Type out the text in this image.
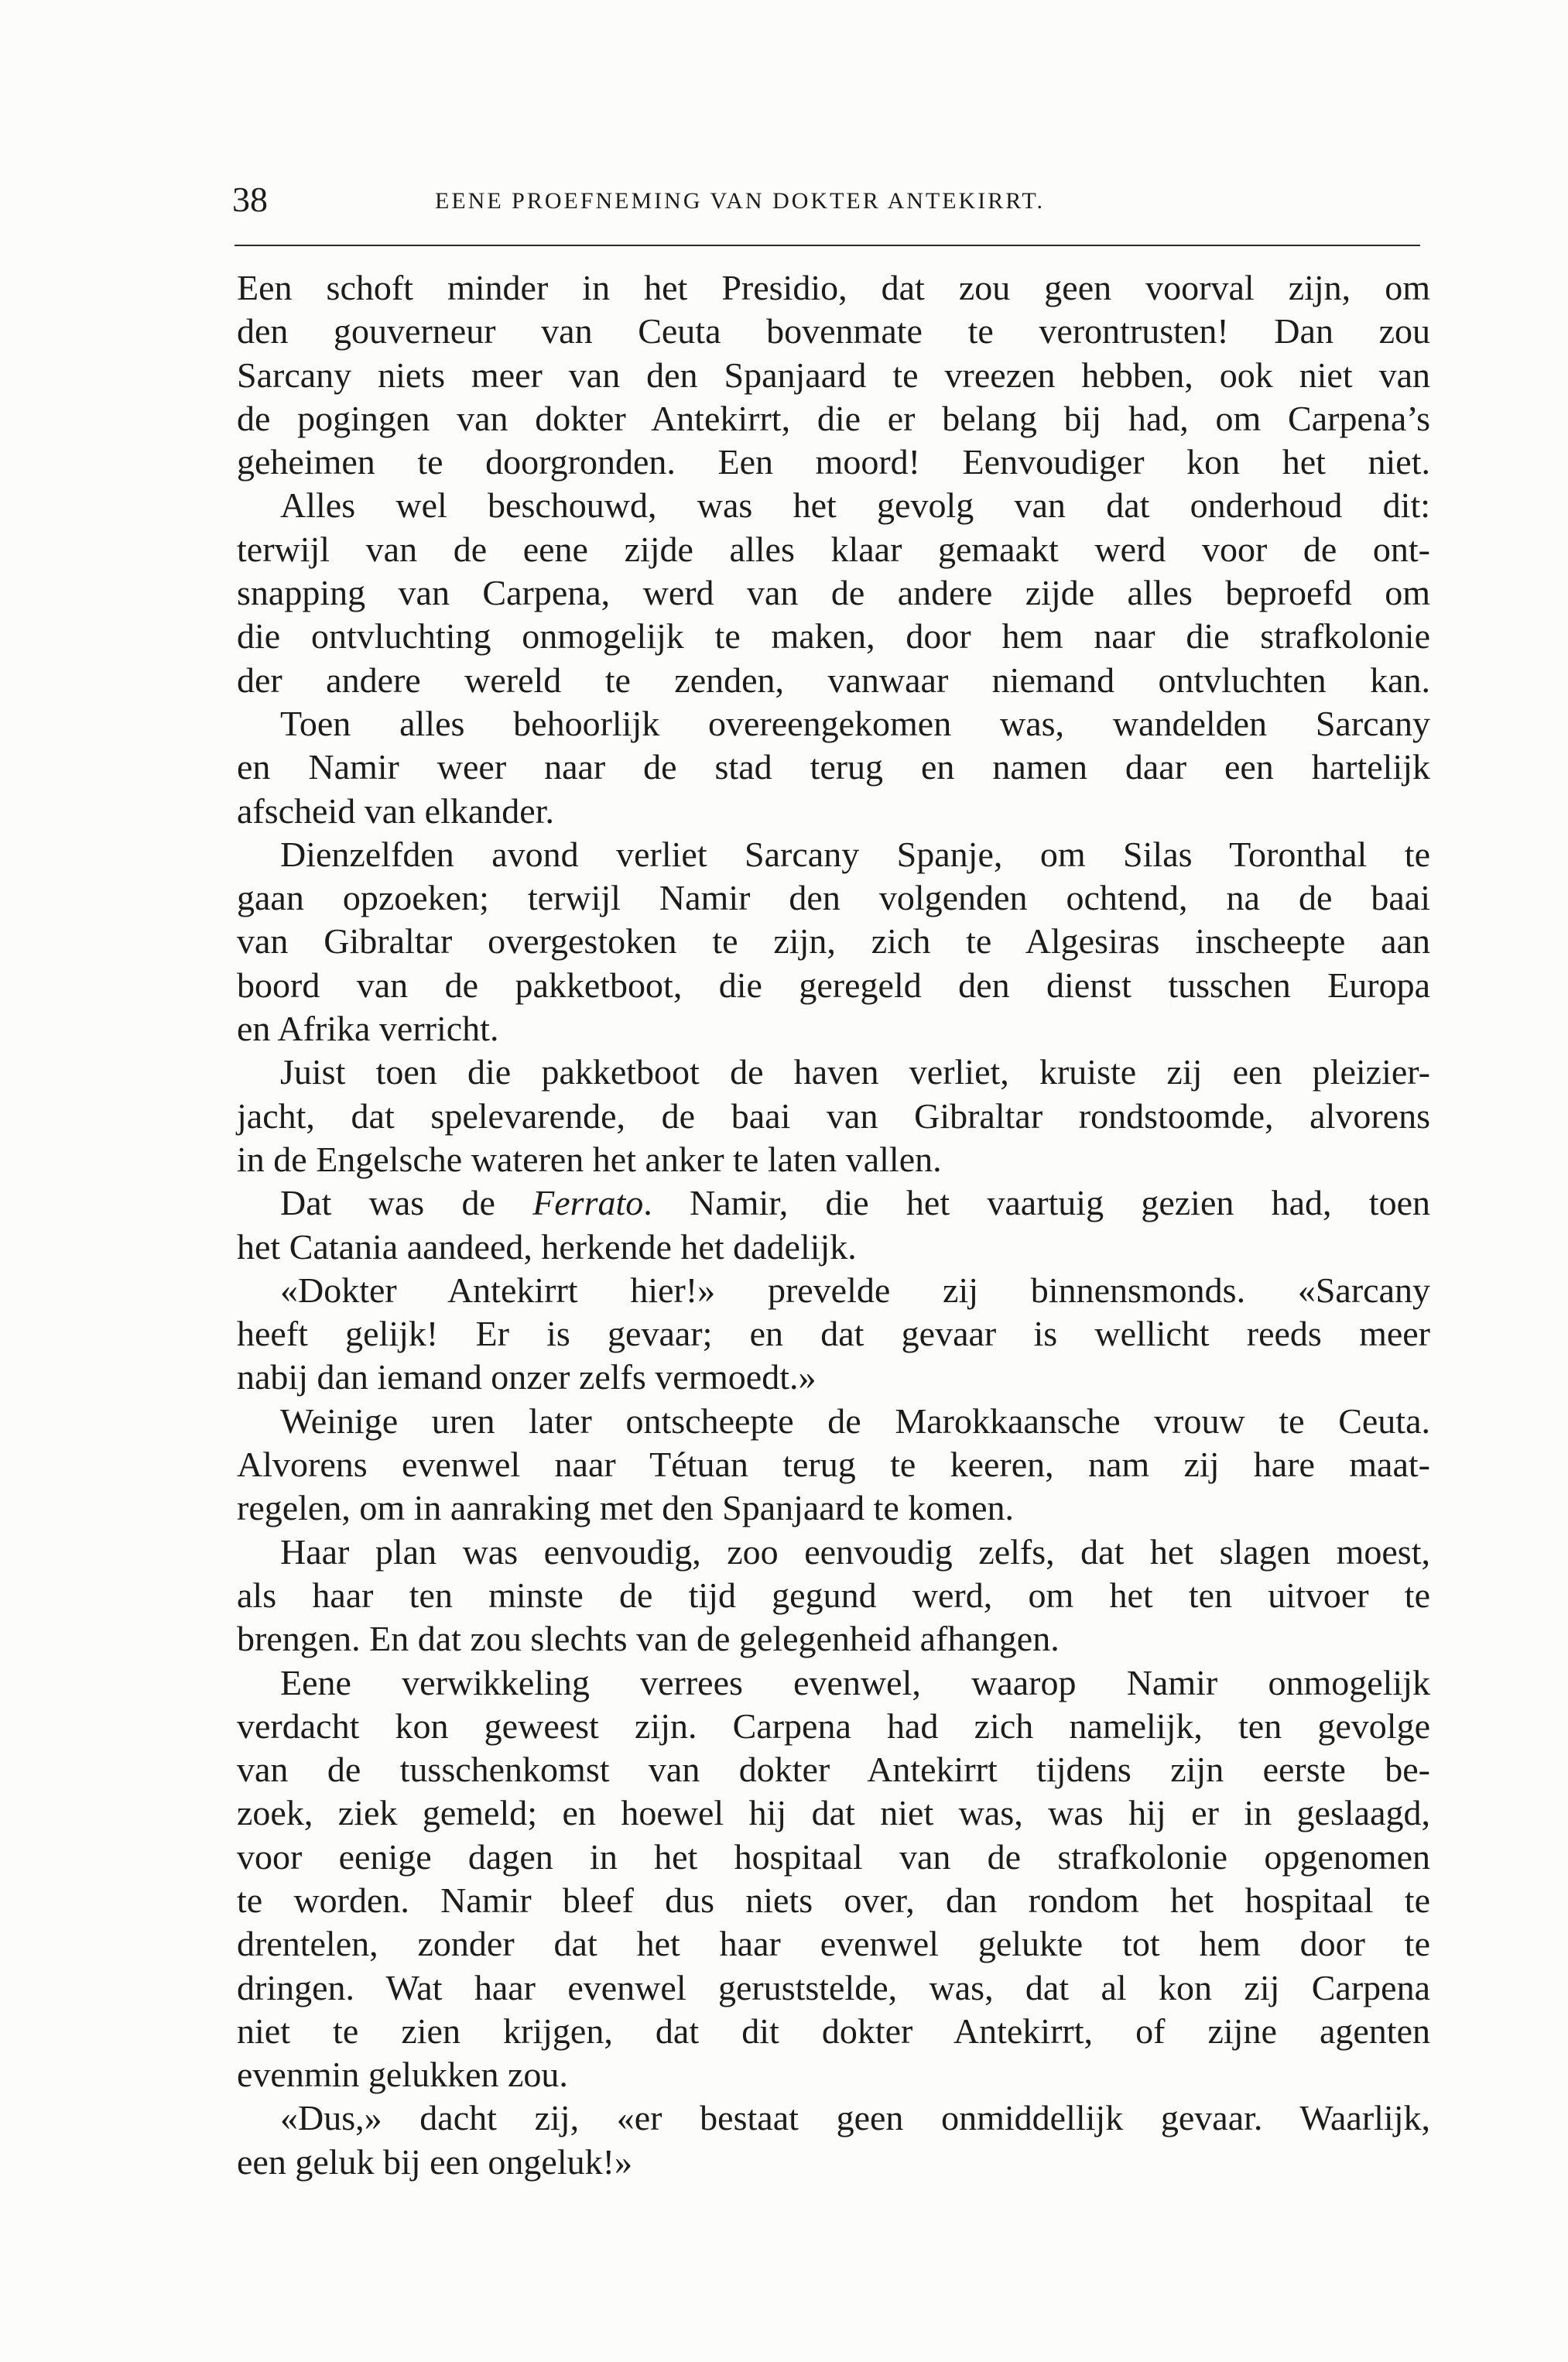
38	EENE PROEFNEMING VAN DOKTER ANTEKIRRT.
Een schoft minder in het Presidio, dat zou geen voorval zijn, om
den gouverneur van Ceuta bovenmate te verontrusten! Dan zou
Sarcany niets meer van den Spanjaard te vreezen hebben, ook niet van
de pogingen van dokter Antekirrt, die er belang bij had, om Carpena’s
geheimen te doorgronden. Een moord! Eenvoudiger kon het niet.
Alles wel beschouwd, was het gevolg van dat onderhoud dit:
terwijl van de eene zijde alles klaar gemaakt werd voor de ont-
snapping van Carpena, werd van de andere zijde alles beproefd om
die ontvluchting onmogelijk te maken, door hem naar die strafkolonie
der andere wereld te zenden, vanwaar niemand ontvluchten kan.
Toen alles behoorlijk overeengekomen was, wandelden Sarcany
en Namir weer naar de stad terug en namen daar een hartelijk
afscheid van elkander.
Dienzelfden avond verliet Sarcany Spanje, om Silas Toronthal te
gaan opzoeken; terwijl Namir den volgenden ochtend, na de baai
van Gibraltar overgestoken te zijn, zich te Algesiras inscheepte aan
boord van de pakketboot, die geregeld den dienst tusschen Europa
en Afrika verricht.
Juist toen die pakketboot de haven verliet, kruiste zij een pleizier-
jacht, dat spelevarende, de baai van Gibraltar rondstoomde, alvorens
in de Engelsche wateren het anker te laten vallen.
Dat was de Ferrato. Namir, die het vaartuig gezien had, toen
het Catania aandeed, herkende het dadelijk.
«Dokter Antekirrt hier!» prevelde zij binnensmonds. «Sarcany
heeft gelijk! Er is gevaar; en dat gevaar is wellicht reeds meer
nabij dan iemand onzer zelfs vermoedt.»
Weinige uren later ontscheepte de Marokkaansche vrouw te Ceuta.
Alvorens evenwel naar Tétuan terug te keeren, nam zij hare maat-
regelen, om in aanraking met den Spanjaard te komen.
Haar plan was eenvoudig, zoo eenvoudig zelfs, dat het slagen moest,
als haar ten minste de tijd gegund werd, om het ten uitvoer te
brengen. En dat zou slechts van de gelegenheid afhangen.
Eene verwikkeling verrees evenwel, waarop Namir onmogelijk
verdacht kon geweest zijn. Carpena had zich namelijk, ten gevolge
van de tusschenkomst van dokter Antekirrt tijdens zijn eerste be-
zoek, ziek gemeld; en hoewel hij dat niet was, was hij er in geslaagd,
voor eenige dagen in het hospitaal van de strafkolonie opgenomen
te worden. Namir bleef dus niets over, dan rondom het hospitaal te
drentelen, zonder dat het haar evenwel gelukte tot hem door te
dringen. Wat haar evenwel geruststelde, was, dat al kon zij Carpena
niet te zien krijgen, dat dit dokter Antekirrt, of zijne agenten
evenmin gelukken zou.
«Dus,» dacht zij, «er bestaat geen onmiddellijk gevaar. Waarlijk,
een geluk bij een ongeluk!»
